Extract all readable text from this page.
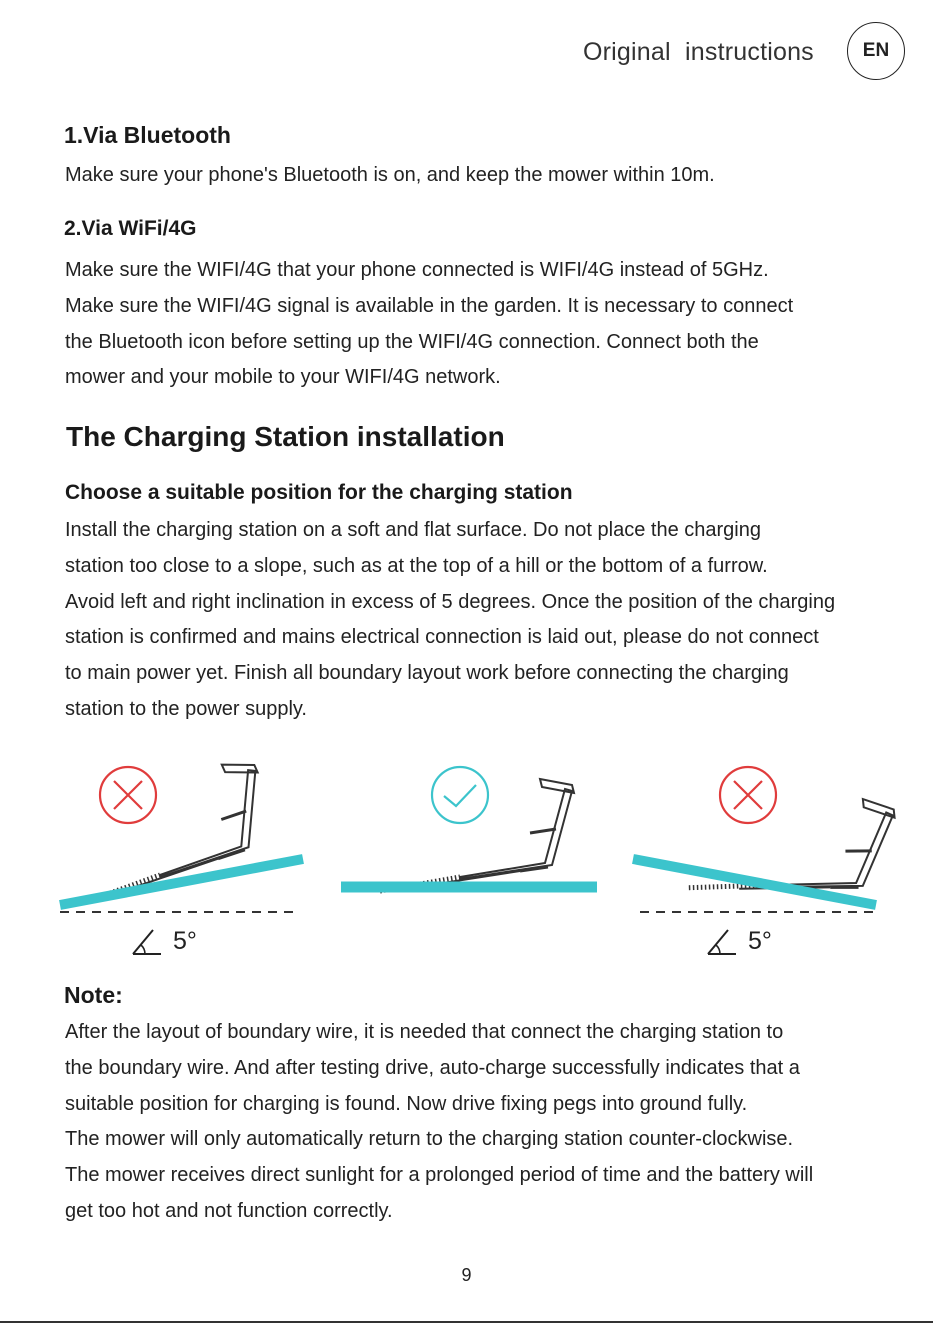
Original  instructions	EN
1.Via Bluetooth
Make sure your phone's Bluetooth is on, and keep the mower within 10m.
2.Via WiFi/4G
Make sure the WIFI/4G that your phone connected is WIFI/4G instead of 5GHz.
Make sure the WIFI/4G signal is available in the garden. It is necessary to connect
the Bluetooth icon before setting up the WIFI/4G connection. Connect both the
mower and your mobile to your WIFI/4G network.
The Charging Station installation
Choose a suitable position for the charging station
Install the charging station on a soft and flat surface. Do not place the charging
station too close to a slope, such as at the top of a hill or the bottom of a furrow.
Avoid left and right inclination in excess of 5 degrees. Once the position of the charging
station is confirmed and mains electrical connection is laid out, please do not connect
to main power yet. Finish all boundary layout work before connecting the charging
station to the power supply.
5°	5°
Note:
After the layout of boundary wire, it is needed that connect the charging station to
the boundary wire. And after testing drive, auto-charge successfully indicates that a
suitable position for charging is found. Now drive fixing pegs into ground fully.
The mower will only automatically return to the charging station counter-clockwise.
The mower receives direct sunlight for a prolonged period of time and the battery will
get too hot and not function correctly.
9
